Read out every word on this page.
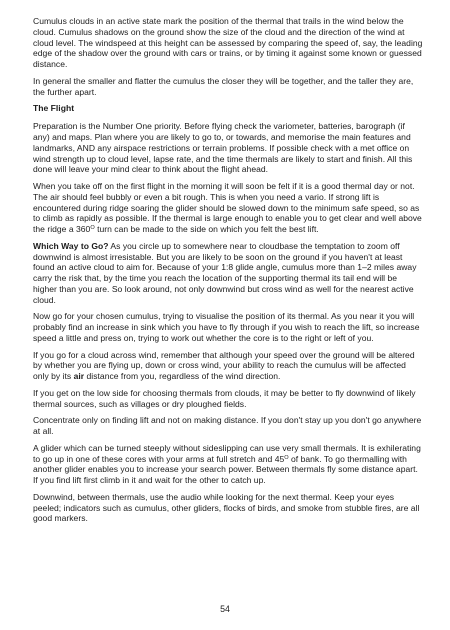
Cumulus clouds in an active state mark the position of the thermal that trails in the wind below the cloud. Cumulus shadows on the ground show the size of the cloud and the direction of the wind at cloud level. The windspeed at this height can be assessed by comparing the speed of, say, the leading edge of the shadow over the ground with cars or trains, or by timing it against some known or guessed distance.

In general the smaller and flatter the cumulus the closer they will be together, and the taller they are, the further apart.

The Flight

Preparation is the Number One priority. Before flying check the variometer, batteries, barograph (if any) and maps. Plan where you are likely to go to, or towards, and memorise the main features and landmarks, AND any airspace restrictions or terrain problems. If possible check with a met office on wind strength up to cloud level, lapse rate, and the time thermals are likely to start and finish. All this done will leave your mind clear to think about the flight ahead.

When you take off on the first flight in the morning it will soon be felt if it is a good thermal day or not. The air should feel bubbly or even a bit rough. This is when you need a vario. If strong lift is encountered during ridge soaring the glider should be slowed down to the minimum safe speed, so as to climb as rapidly as possible. If the thermal is large enough to enable you to get clear and well above the ridge a $360^O$ turn can be made to the side on which you felt the best lift.

Which Way to Go? As you circle up to somewhere near to cloudbase the temptation to zoom off downwind is almost irresistable. But you are likely to be soon on the ground if you haven't at least found an active cloud to aim for. Because of your 1:8 glide angle, cumulus more than 1–2 miles away carry the risk that, by the time you reach the location of the supporting thermal its tail end will be higher than you are. So look around, not only downwind but cross wind as well for the nearest active cloud.

Now go for your chosen cumulus, trying to visualise the position of its thermal. As you near it you will probably find an increase in sink which you have to fly through if you wish to reach the lift, so increase speed a little and press on, trying to work out whether the core is to the right or left of you.

If you go for a cloud across wind, remember that although your speed over the ground will be altered by whether you are flying up, down or cross wind, your ability to reach the cumulus will be affected only by its air distance from you, regardless of the wind direction.

If you get on the low side for choosing thermals from clouds, it may be better to fly downwind of likely thermal sources, such as villages or dry ploughed fields.

Concentrate only on finding lift and not on making distance. If you don't stay up you don't go anywhere at all.

A glider which can be turned steeply without sideslipping can use very small thermals. It is exhilerating to go up in one of these cores with your arms at full stretch and $45^O$ of bank. To go thermalling with another glider enables you to increase your search power. Between thermals fly some distance apart. If you find lift first climb in it and wait for the other to catch up.

Downwind, between thermals, use the audio while looking for the next thermal. Keep your eyes peeled; indicators such as cumulus, other gliders, flocks of birds, and smoke from stubble fires, are all good markers.

54
